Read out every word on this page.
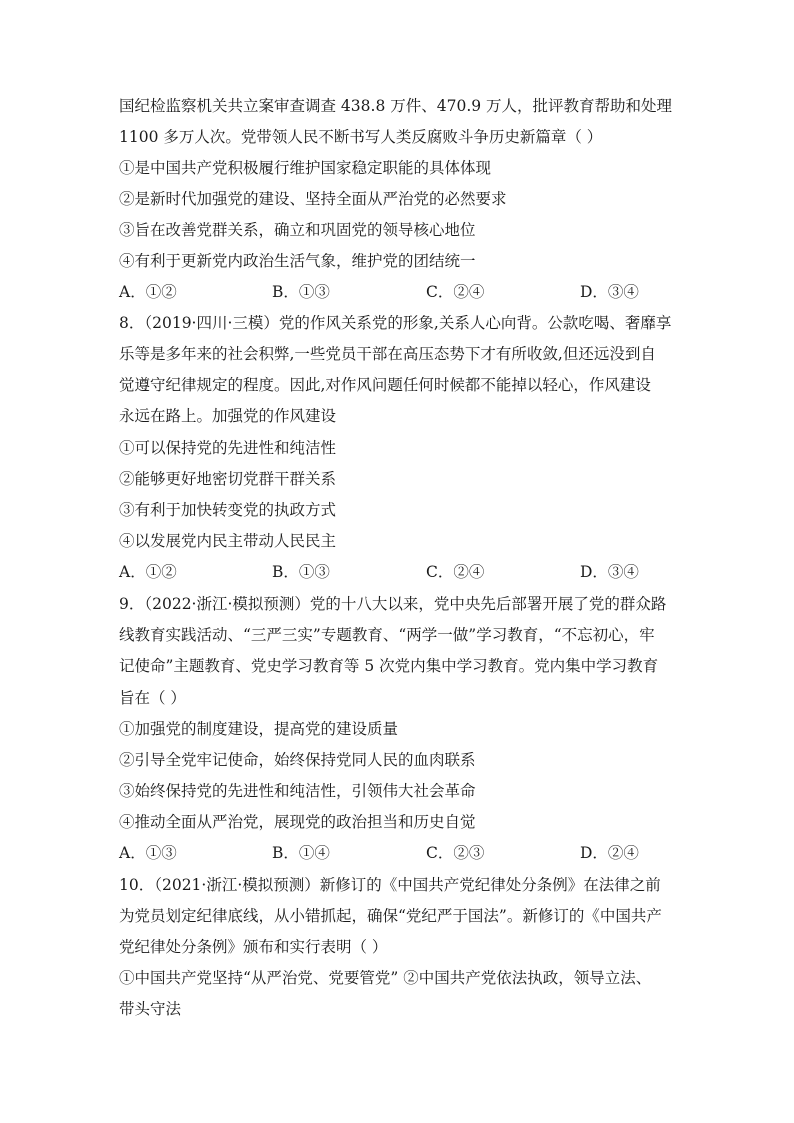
国纪检监察机关共立案审查调查 438.8 万件、470.9 万人，批评教育帮助和处理
1100 多万人次。党带领人民不断书写人类反腐败斗争历史新篇章（ ）
①是中国共产党积极履行维护国家稳定职能的具体体现
②是新时代加强党的建设、坚持全面从严治党的必然要求
③旨在改善党群关系，确立和巩固党的领导核心地位
④有利于更新党内政治生活气象，维护党的团结统一
A．①②	B．①③	C．②④	D．③④
8．（2019·四川·三模）党的作风关系党的形象,关系人心向背。公款吃喝、奢靡享
乐等是多年来的社会积弊,一些党员干部在高压态势下才有所收敛,但还远没到自
觉遵守纪律规定的程度。因此,对作风问题任何时候都不能掉以轻心，作风建设
永远在路上。加强党的作风建设
①可以保持党的先进性和纯洁性
②能够更好地密切党群干群关系
③有利于加快转变党的执政方式
④以发展党内民主带动人民民主
A．①②	B．①③	C．②④	D．③④
9．（2022·浙江·模拟预测）党的十八大以来，党中央先后部署开展了党的群众路
线教育实践活动、“三严三实”专题教育、“两学一做”学习教育，“不忘初心，牢
记使命”主题教育、党史学习教育等 5 次党内集中学习教育。党内集中学习教育
旨在（ ）
①加强党的制度建设，提高党的建设质量
②引导全党牢记使命，始终保持党同人民的血肉联系
③始终保持党的先进性和纯洁性，引领伟大社会革命
④推动全面从严治党，展现党的政治担当和历史自觉
A．①③	B．①④	C．②③	D．②④
10．（2021·浙江·模拟预测）新修订的《中国共产党纪律处分条例》在法律之前
为党员划定纪律底线，从小错抓起，确保“党纪严于国法”。新修订的《中国共产
党纪律处分条例》颁布和实行表明（ ）
①中国共产党坚持“从严治党、党要管党” ②中国共产党依法执政，领导立法、
带头守法
